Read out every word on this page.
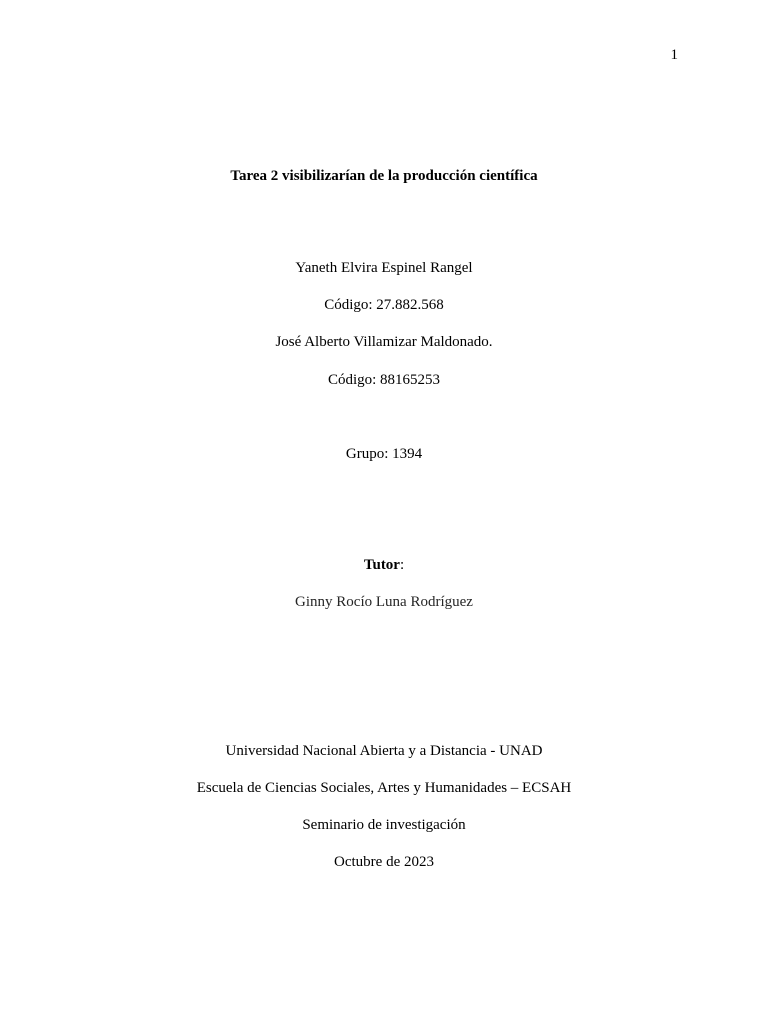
1
Tarea 2 visibilizarían de la producción científica
Yaneth Elvira Espinel Rangel
Código: 27.882.568
José Alberto Villamizar Maldonado.
Código: 88165253
Grupo: 1394
Tutor:
Ginny Rocío Luna Rodríguez
Universidad Nacional Abierta y a Distancia - UNAD
Escuela de Ciencias Sociales, Artes y Humanidades – ECSAH
Seminario de investigación
Octubre de 2023
